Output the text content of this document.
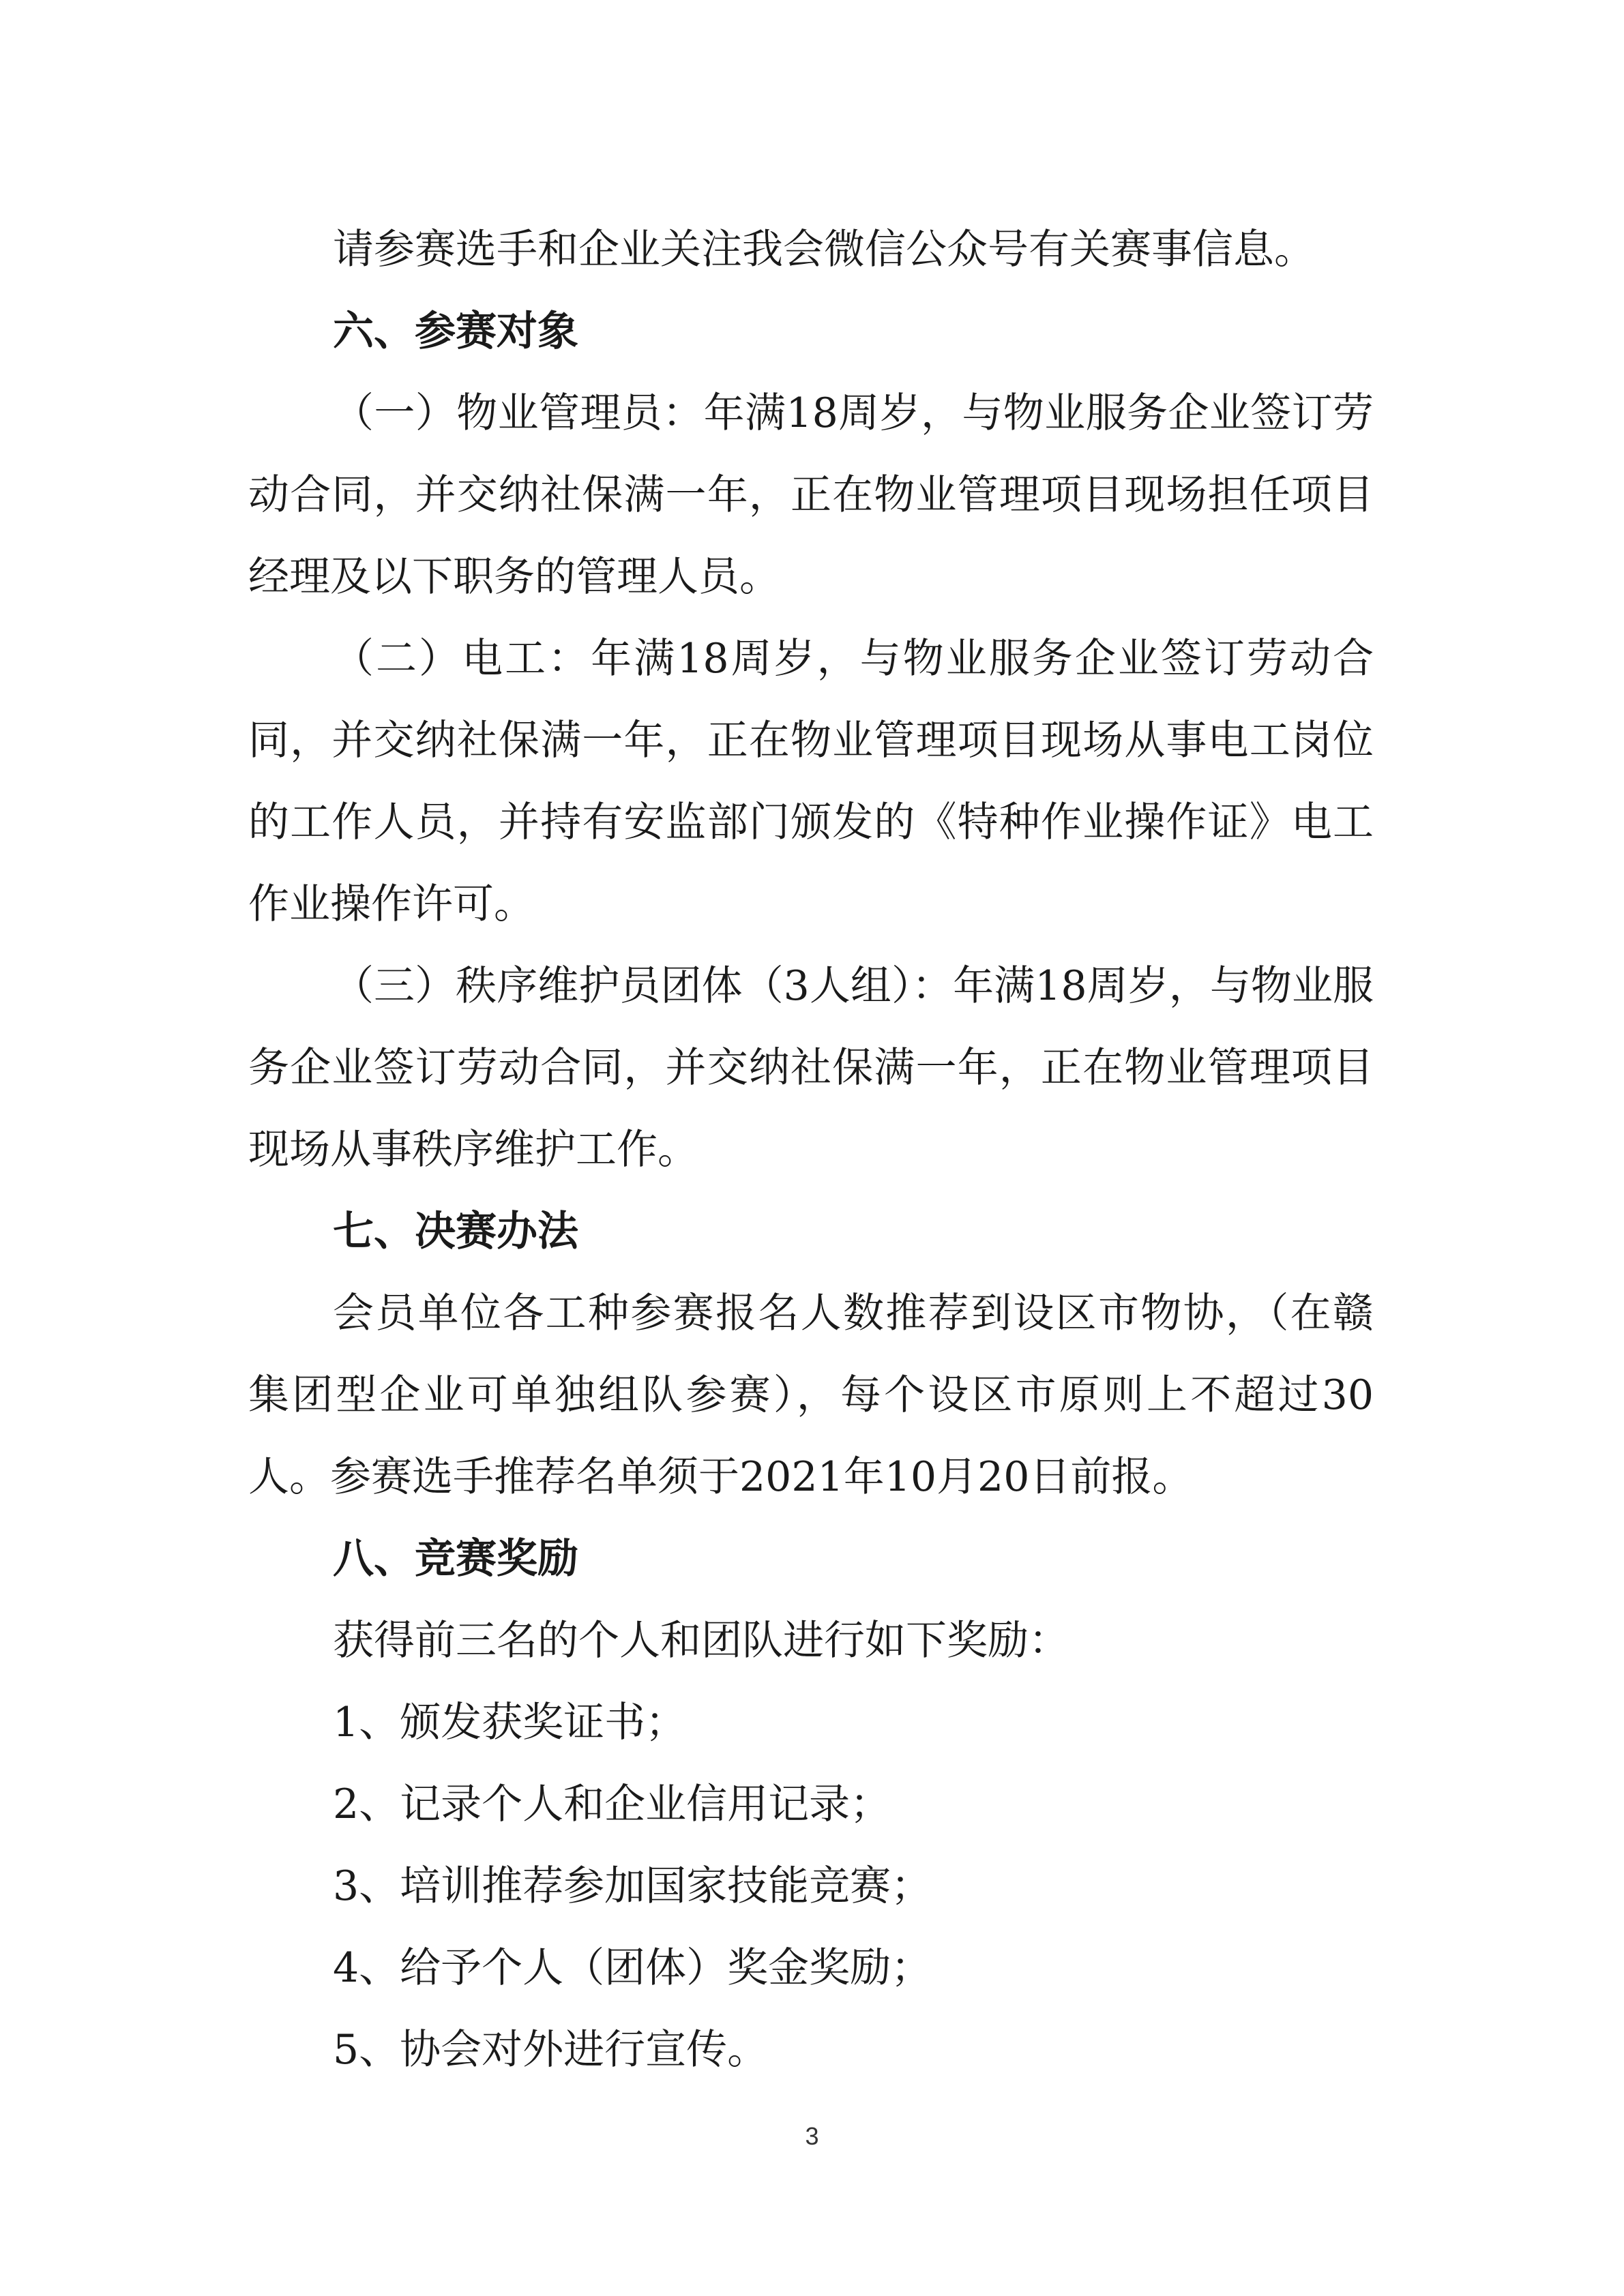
请参赛选手和企业关注我会微信公众号有关赛事信息。

六、参赛对象

（一）物业管理员：年满18周岁，与物业服务企业签订劳动合同，并交纳社保满一年，正在物业管理项目现场担任项目经理及以下职务的管理人员。

（二）电工：年满18周岁，与物业服务企业签订劳动合同，并交纳社保满一年，正在物业管理项目现场从事电工岗位的工作人员，并持有安监部门颁发的《特种作业操作证》电工作业操作许可。

（三）秩序维护员团体（3人组）：年满18周岁，与物业服务企业签订劳动合同，并交纳社保满一年，正在物业管理项目现场从事秩序维护工作。

七、决赛办法

会员单位各工种参赛报名人数推荐到设区市物协，（在赣集团型企业可单独组队参赛），每个设区市原则上不超过30人。参赛选手推荐名单须于2021年10月20日前报。

八、竞赛奖励

获得前三名的个人和团队进行如下奖励：

1、颁发获奖证书；

2、记录个人和企业信用记录；

3、培训推荐参加国家技能竞赛；

4、给予个人（团体）奖金奖励；

5、协会对外进行宣传。

3
